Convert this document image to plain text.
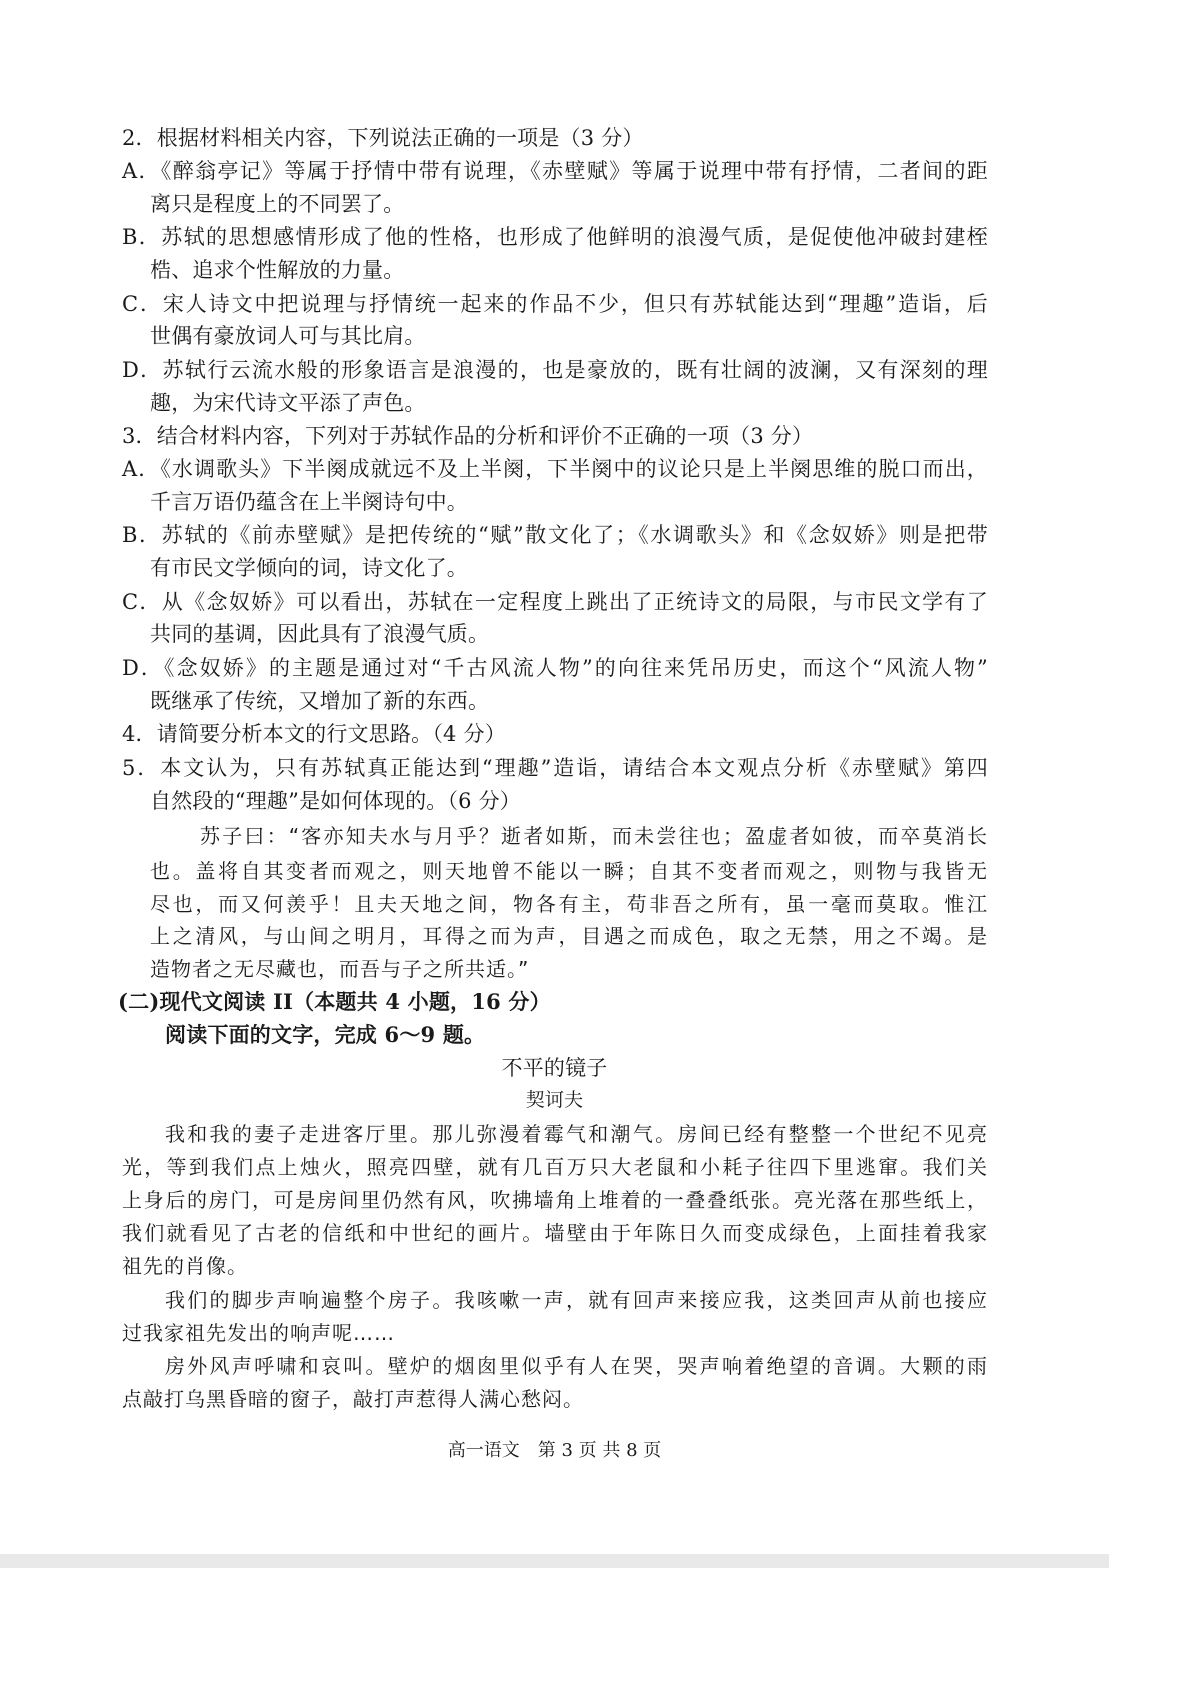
2．根据材料相关内容，下列说法正确的一项是（3 分）
A．《醉翁亭记》等属于抒情中带有说理，《赤壁赋》等属于说理中带有抒情，二者间的距
离只是程度上的不同罢了。
B．苏轼的思想感情形成了他的性格，也形成了他鲜明的浪漫气质，是促使他冲破封建桎
梏、追求个性解放的力量。
C．宋人诗文中把说理与抒情统一起来的作品不少，但只有苏轼能达到“理趣”造诣，后
世偶有豪放词人可与其比肩。
D．苏轼行云流水般的形象语言是浪漫的，也是豪放的，既有壮阔的波澜，又有深刻的理
趣，为宋代诗文平添了声色。
3．结合材料内容，下列对于苏轼作品的分析和评价不正确的一项（3 分）
A．《水调歌头》下半阕成就远不及上半阕，下半阕中的议论只是上半阕思维的脱口而出，
千言万语仍蕴含在上半阕诗句中。
B．苏轼的《前赤壁赋》是把传统的“赋”散文化了；《水调歌头》和《念奴娇》则是把带
有市民文学倾向的词，诗文化了。
C．从《念奴娇》可以看出，苏轼在一定程度上跳出了正统诗文的局限，与市民文学有了
共同的基调，因此具有了浪漫气质。
D．《念奴娇》的主题是通过对“千古风流人物”的向往来凭吊历史，而这个“风流人物”
既继承了传统，又增加了新的东西。
4．请简要分析本文的行文思路。（4 分）
5．本文认为，只有苏轼真正能达到“理趣”造诣，请结合本文观点分析《赤壁赋》第四
自然段的“理趣”是如何体现的。（6 分）
苏子曰：“客亦知夫水与月乎？逝者如斯，而未尝往也；盈虚者如彼，而卒莫消长
也。盖将自其变者而观之，则天地曾不能以一瞬；自其不变者而观之，则物与我皆无
尽也，而又何羡乎！且夫天地之间，物各有主，苟非吾之所有，虽一毫而莫取。惟江
上之清风，与山间之明月，耳得之而为声，目遇之而成色，取之无禁，用之不竭。是
造物者之无尽藏也，而吾与子之所共适。”
(二)现代文阅读 II（本题共 4 小题，16 分）
阅读下面的文字，完成 6～9 题。
不平的镜子
契诃夫
我和我的妻子走进客厅里。那儿弥漫着霉气和潮气。房间已经有整整一个世纪不见亮
光，等到我们点上烛火，照亮四壁，就有几百万只大老鼠和小耗子往四下里逃窜。我们关
上身后的房门，可是房间里仍然有风，吹拂墙角上堆着的一叠叠纸张。亮光落在那些纸上，
我们就看见了古老的信纸和中世纪的画片。墙壁由于年陈日久而变成绿色，上面挂着我家
祖先的肖像。
我们的脚步声响遍整个房子。我咳嗽一声，就有回声来接应我，这类回声从前也接应
过我家祖先发出的响声呢……
房外风声呼啸和哀叫。壁炉的烟囱里似乎有人在哭，哭声响着绝望的音调。大颗的雨
点敲打乌黑昏暗的窗子，敲打声惹得人满心愁闷。
高一语文　第 3 页 共 8 页
